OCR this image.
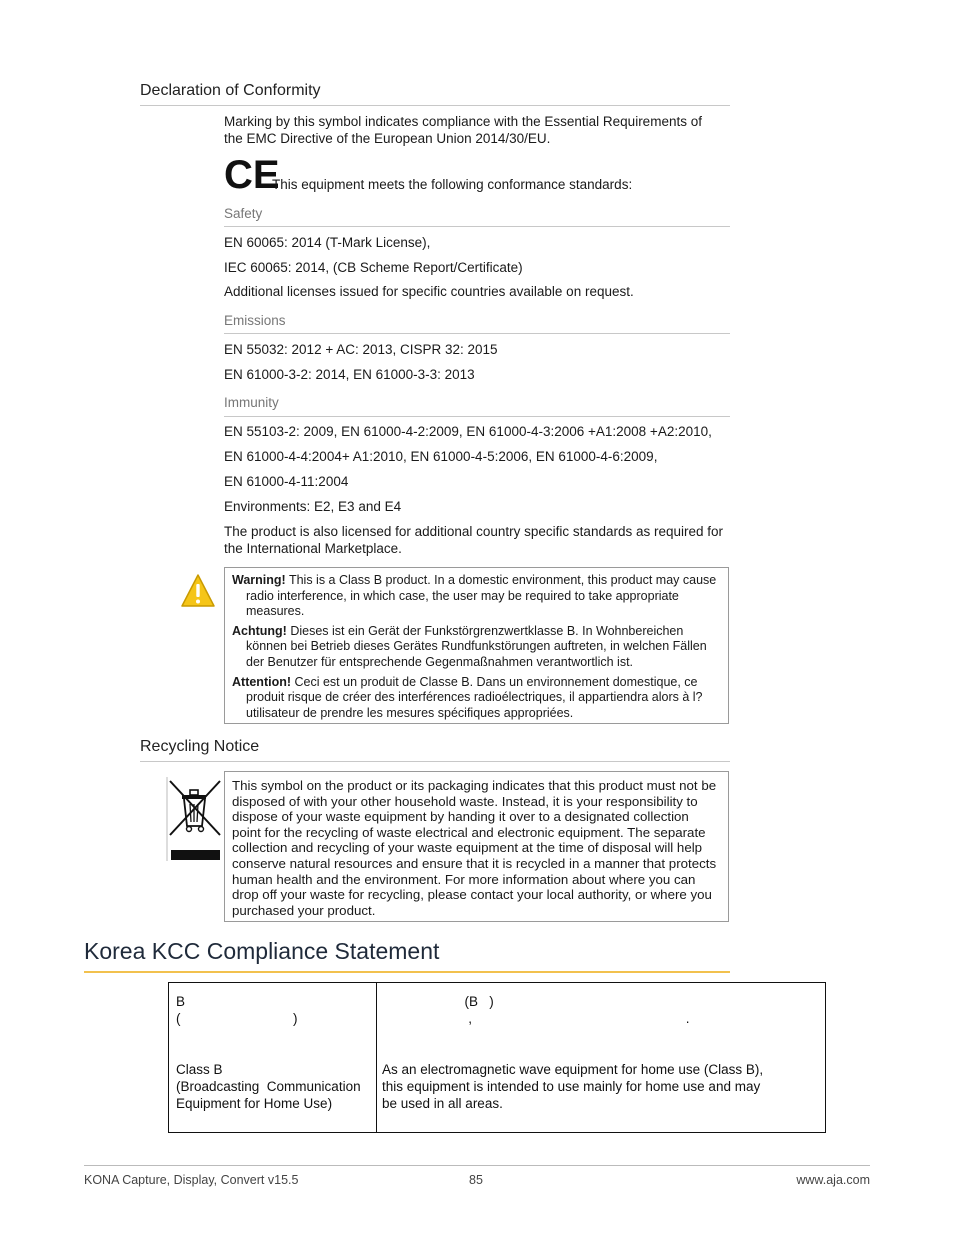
Declaration of Conformity
Marking by this symbol indicates compliance with the Essential Requirements of the EMC Directive of the European Union 2014/30/EU.
CE
This equipment meets the following conformance standards:
Safety
EN 60065: 2014 (T-Mark License),
IEC 60065: 2014, (CB Scheme Report/Certificate)
Additional licenses issued for specific countries available on request.
Emissions
EN 55032: 2012 + AC: 2013, CISPR 32: 2015
EN 61000-3-2: 2014, EN 61000-3-3: 2013
Immunity
EN 55103-2: 2009, EN 61000-4-2:2009, EN 61000-4-3:2006 +A1:2008 +A2:2010,
EN 61000-4-4:2004+ A1:2010, EN 61000-4-5:2006, EN 61000-4-6:2009,
EN 61000-4-11:2004
Environments: E2, E3 and E4
The product is also licensed for additional country specific standards as required for the International Marketplace.

Warning! This is a Class B product. In a domestic environment, this product may cause radio interference, in which case, the user may be required to take appropriate measures.

Achtung! Dieses ist ein Gerät der Funkstörgrenzwertklasse B. In Wohnbereichen können bei Betrieb dieses Gerätes Rundfunkstörungen auftreten, in welchen Fällen der Benutzer für entsprechende Gegenmaßnahmen verantwortlich ist.

Attention! Ceci est un produit de Classe B. Dans un environnement domestique, ce produit risque de créer des interférences radioélectriques, il appartiendra alors à l?utilisateur de prendre les mesures spécifiques appropriées.

Recycling Notice
This symbol on the product or its packaging indicates that this product must not be disposed of with your other household waste. Instead, it is your responsibility to dispose of your waste equipment by handing it over to a designated collection point for the recycling of waste electrical and electronic equipment. The separate collection and recycling of your waste equipment at the time of disposal will help conserve natural resources and ensure that it is recycled in a manner that protects human health and the environment. For more information about where you can drop off your waste for recycling, please contact your local authority, or where you purchased your product.
Korea KCC Compliance Statement
B
(                              )
Class B
(Broadcasting  Communication
Equipment for Home Use)
(B   )
,                                                         .
As an electromagnetic wave equipment for home use (Class B),
this equipment is intended to use mainly for home use and may
be used in all areas.
KONA Capture, Display, Convert v15.5	85	www.aja.com
